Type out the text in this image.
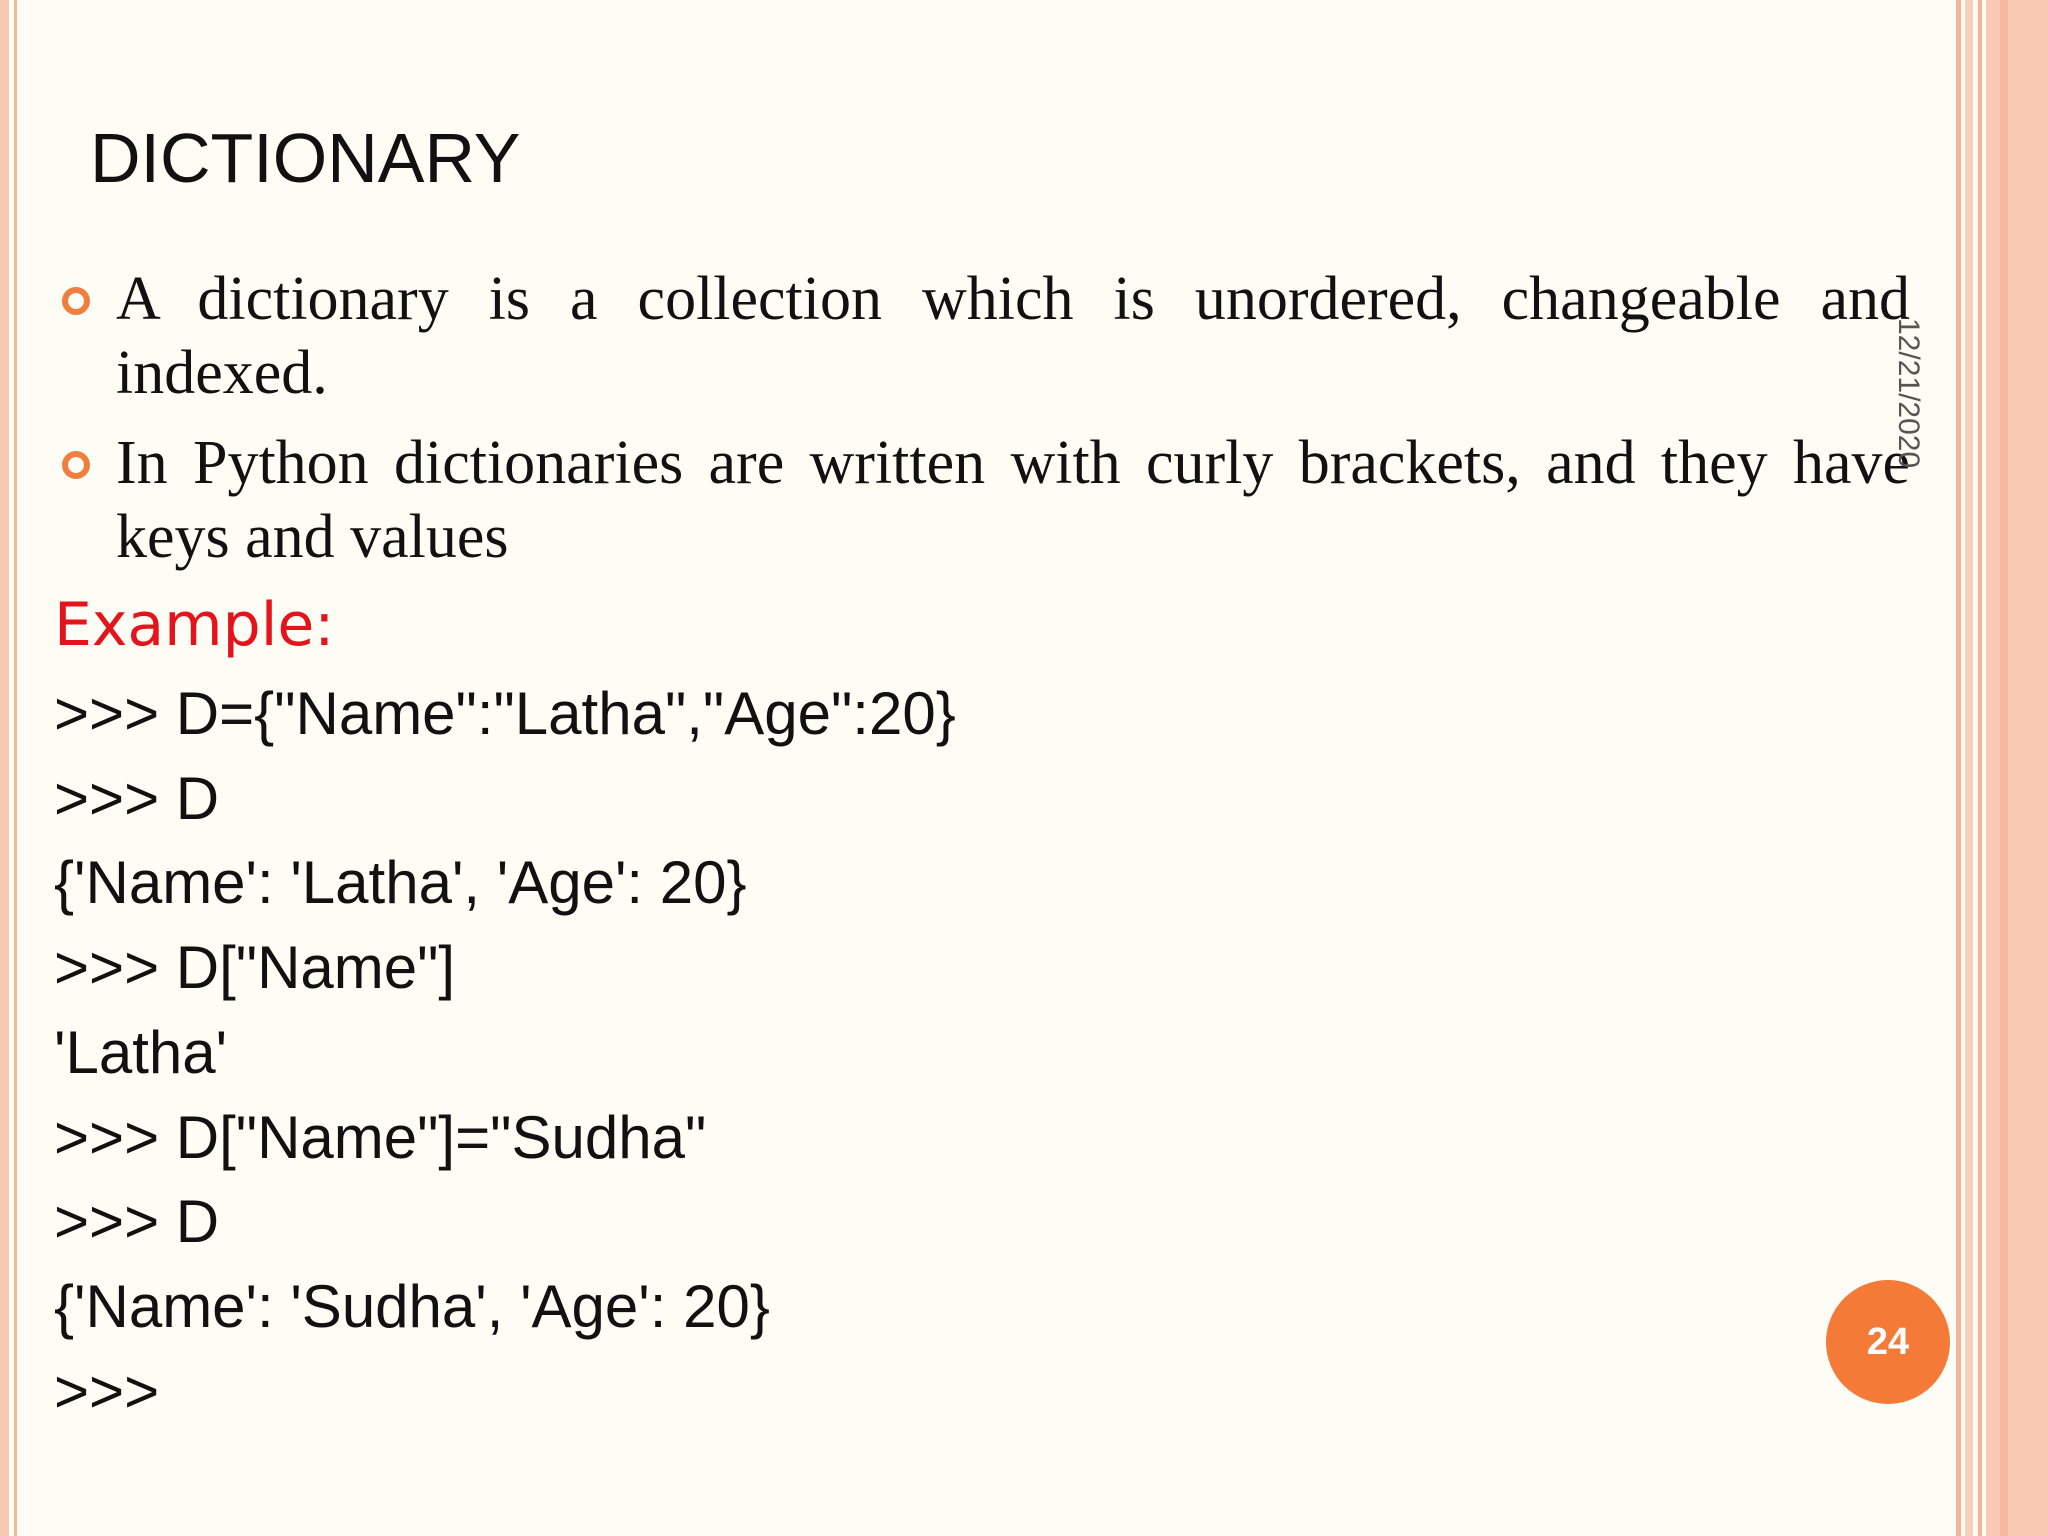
DICTIONARY
A dictionary is a collection which is unordered, changeable and indexed.
In Python dictionaries are written with curly brackets, and they have keys and values
Example:
>>> D={"Name":"Latha","Age":20}
>>> D
{'Name': 'Latha', 'Age': 20}
>>> D["Name"]
'Latha'
>>> D["Name"]="Sudha"
>>> D
{'Name': 'Sudha', 'Age': 20}
>>>
12/21/2020
24
